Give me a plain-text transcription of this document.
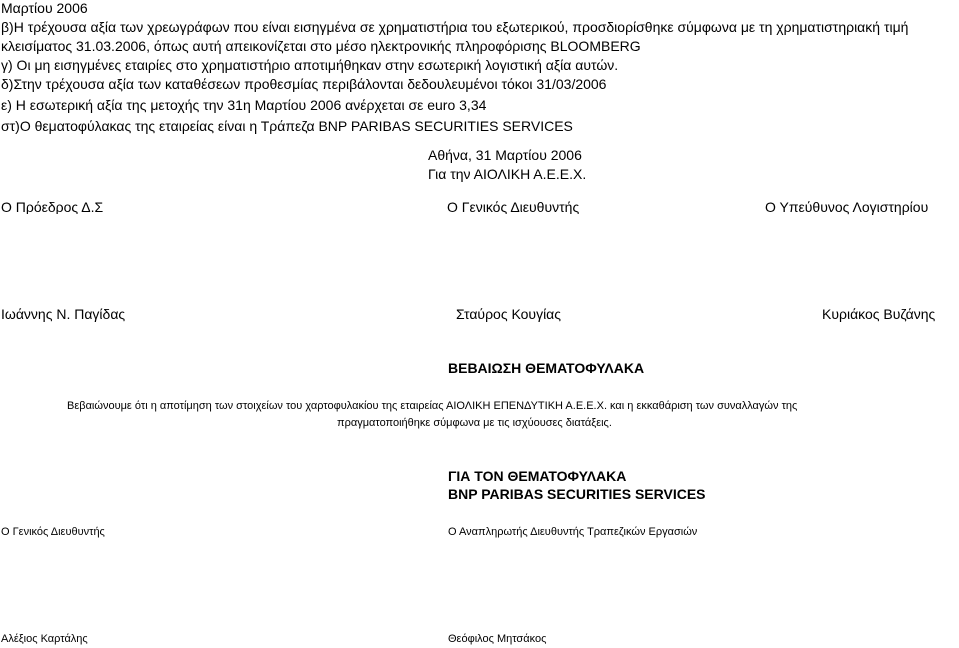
Μαρτίου 2006
β)Η τρέχουσα αξία των χρεωγράφων που είναι εισηγμένα σε χρηματιστήρια του εξωτερικού, προσδιορίσθηκε σύμφωνα με τη χρηματιστηριακή τιμή
κλεισίματος 31.03.2006, όπως αυτή απεικονίζεται στο μέσο ηλεκτρονικής πληροφόρισης BLOOMBERG
γ) Οι μη εισηγμένες εταιρίες στο χρηματιστήριο αποτιμήθηκαν στην εσωτερική λογιστική αξία αυτών.
δ)Στην τρέχουσα αξία των καταθέσεων προθεσμίας περιβάλονται δεδουλευμένοι τόκοι 31/03/2006
ε) Η εσωτερική αξία της μετοχής την 31η Μαρτίου 2006 ανέρχεται σε euro 3,34
στ)Ο θεματοφύλακας της εταιρείας είναι η Τράπεζα BNP PARIBAS SECURITIES SERVICES
Αθήνα, 31 Μαρτίου 2006
Για την ΑΙΟΛΙΚΗ Α.Ε.Ε.Χ.
Ο Πρόεδρος Δ.Σ	Ο Γενικός Διευθυντής	Ο Υπεύθυνος Λογιστηρίου
Ιωάννης Ν. Παγίδας	Σταύρος Κουγίας	Κυριάκος Βυζάνης
ΒΕΒΑΙΩΣΗ ΘΕΜΑΤΟΦΥΛΑΚΑ
Βεβαιώνουμε ότι η αποτίμηση των στοιχείων του χαρτοφυλακίου της εταιρείας ΑΙΟΛΙΚΗ ΕΠΕΝΔΥΤΙΚΗ Α.Ε.Ε.Χ. και η εκκαθάριση των συναλλαγών της
πραγματοποιήθηκε σύμφωνα με τις ισχύουσες διατάξεις.
ΓΙΑ ΤΟΝ ΘΕΜΑΤΟΦΥΛΑΚΑ
BNP PARIBAS SECURITIES SERVICES
Ο Γενικός Διευθυντής	Ο Αναπληρωτής Διευθυντής Τραπεζικών Εργασιών
Αλέξιος Καρτάλης	Θεόφιλος Μητσάκος
